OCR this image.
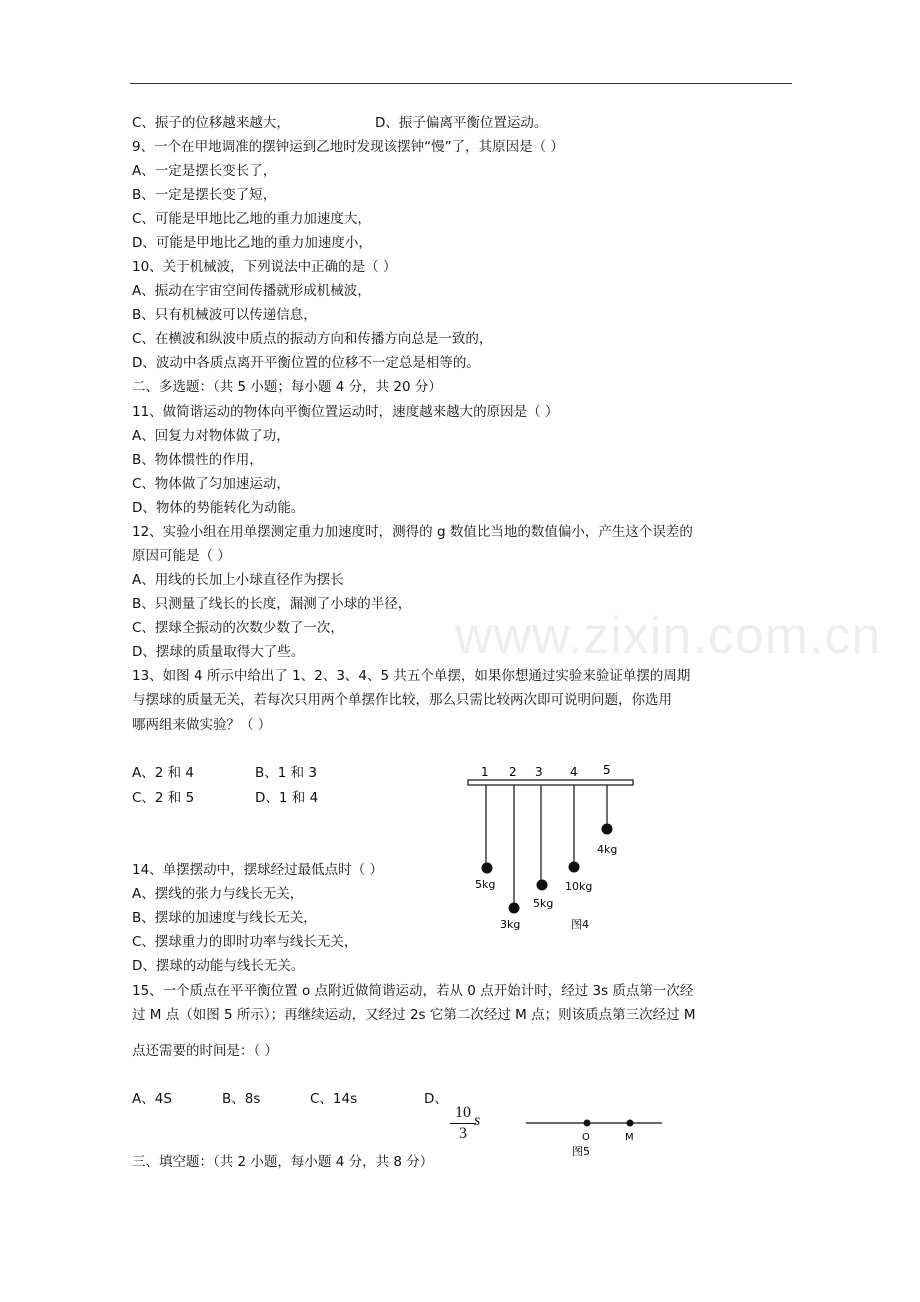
C、振子的位移越来越大，
9、一个在甲地调准的摆钟运到乙地时发现该摆钟“慢”了，其原因是（ ）
A、一定是摆长变长了，
B、一定是摆长变了短，
C、可能是甲地比乙地的重力加速度大，
D、可能是甲地比乙地的重力加速度小，
10、关于机械波，下列说法中正确的是（ ）
A、振动在宇宙空间传播就形成机械波，
B、只有机械波可以传递信息，
C、在横波和纵波中质点的振动方向和传播方向总是一致的，
D、波动中各质点离开平衡位置的位移不一定总是相等的。
二、多选题：（共 5 小题；每小题 4 分，共 20 分）
11、做简谐运动的物体向平衡位置运动时，速度越来越大的原因是（ ）
A、回复力对物体做了功，
B、物体惯性的作用，
C、物体做了匀加速运动，
D、物体的势能转化为动能。
12、实验小组在用单摆测定重力加速度时，测得的 g 数值比当地的数值偏小，产生这个误差的
原因可能是（ ）
A、用线的长加上小球直径作为摆长
B、只测量了线长的长度，漏测了小球的半径，
C、摆球全振动的次数少数了一次，
D、摆球的质量取得大了些。
13、如图 4 所示中给出了 1、2、3、4、5 共五个单摆，如果你想通过实验来验证单摆的周期
与摆球的质量无关，若每次只用两个单摆作比较，那么只需比较两次即可说明问题，你选用
哪两组来做实验？（ ）
A、2 和 4
C、2 和 5
14、单摆摆动中，摆球经过最低点时（ ）
A、摆线的张力与线长无关，
B、摆球的加速度与线长无关，
C、摆球重力的即时功率与线长无关，
D、摆球的动能与线长无关。
15、一个质点在平平衡位置 o 点附近做简谐运动，若从 0 点开始计时，经过 3s 质点第一次经
过 M 点（如图 5 所示）；再继续运动，又经过 2s 它第二次经过 M 点；则该质点第三次经过 M
点还需要的时间是：（ ）
A、4S
三、填空题：（共 2 小题，每小题 4 分，共 8 分）
D、振子偏离平衡位置运动。
B、1 和 3
D、1 和 4
B、8s	C、14s	D、
10
3
s
1 2 3 4 5
5kg
3kg
5kg
10kg
4kg
图4
O	M
图5
www.zixin.com.cn
